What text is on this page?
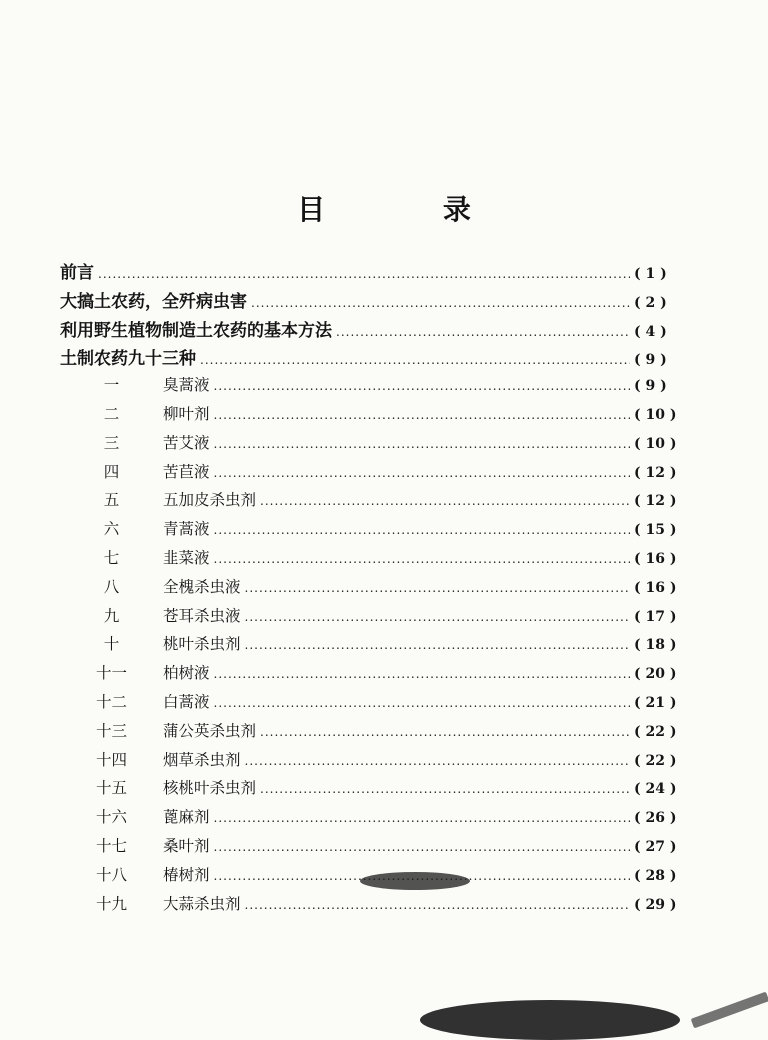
目 录
前言 .....	( 1 )
大搞土农药，全歼病虫害 .....	( 2 )
利用野生植物制造土农药的基本方法 .....	( 4 )
土制农药九十三种 .....	( 9 )
一	臭蒿液 .....	( 9 )
二	柳叶剂 .....	( 10 )
三	苦艾液 .....	( 10 )
四	苦苣液 .....	( 12 )
五	五加皮杀虫剂 .....	( 12 )
六	青蒿液 .....	( 15 )
七	韭菜液 .....	( 16 )
八	全槐杀虫液 .....	( 16 )
九	苍耳杀虫液 .....	( 17 )
十	桃叶杀虫剂 .....	( 18 )
十一	柏树液 .....	( 20 )
十二	白蒿液 .....	( 21 )
十三	蒲公英杀虫剂 .....	( 22 )
十四	烟草杀虫剂 .....	( 22 )
十五	核桃叶杀虫剂 .....	( 24 )
十六	蓖麻剂 .....	( 26 )
十七	桑叶剂 .....	( 27 )
十八	椿树剂 .....	( 28 )
十九	大蒜杀虫剂 .....	( 29 )
